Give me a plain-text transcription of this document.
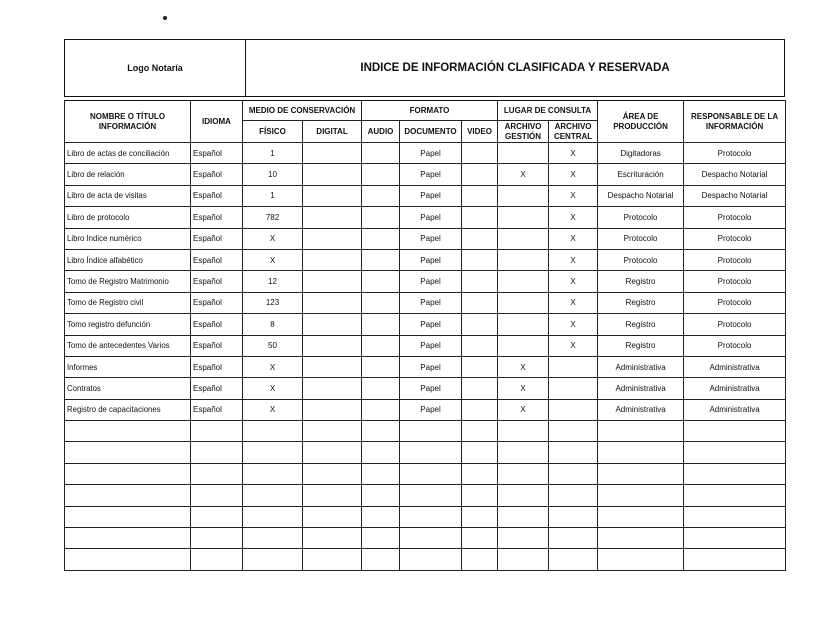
Logo Notaría	INDICE DE INFORMACIÓN CLASIFICADA Y RESERVADA
NOMBRE O TÍTULO INFORMACIÓN	IDIOMA	MEDIO DE CONSERVACIÓN		FORMATO			LUGAR DE CONSULTA		ÁREA DE PRODUCCIÓN	RESPONSABLE DE LA INFORMACIÓN
		FÍSICO	DIGITAL	AUDIO	DOCUMENTO	VIDEO	ARCHIVO GESTIÓN	ARCHIVO CENTRAL		
Libro de actas de conciliación	Español	1			Papel			X	Digitadoras	Protocolo
Libro de relación	Español	10			Papel		X	X	Escrituración	Despacho Notarial
Libro de acta de visitas	Español	1			Papel			X	Despacho Notarial	Despacho Notarial
Libro de protocolo	Español	782			Papel			X	Protocolo	Protocolo
Libro Indice numérico	Español	X			Papel			X	Protocolo	Protocolo
Libro Índice alfabético	Español	X			Papel			X	Protocolo	Protocolo
Tomo de Registro Matrimonio	Español	12			Papel			X	Registro	Protocolo
Tomo de Registro civil	Español	123			Papel			X	Registro	Protocolo
Tomo registro defunción	Español	8			Papel			X	Registro	Protocolo
Tomo de antecedentes Varios	Español	50			Papel			X	Registro	Protocolo
Informes	Español	X			Papel		X		Administrativa	Administrativa
Contratos	Español	X			Papel		X		Administrativa	Administrativa
Registro de capacitaciones	Español	X			Papel		X		Administrativa	Administrativa
